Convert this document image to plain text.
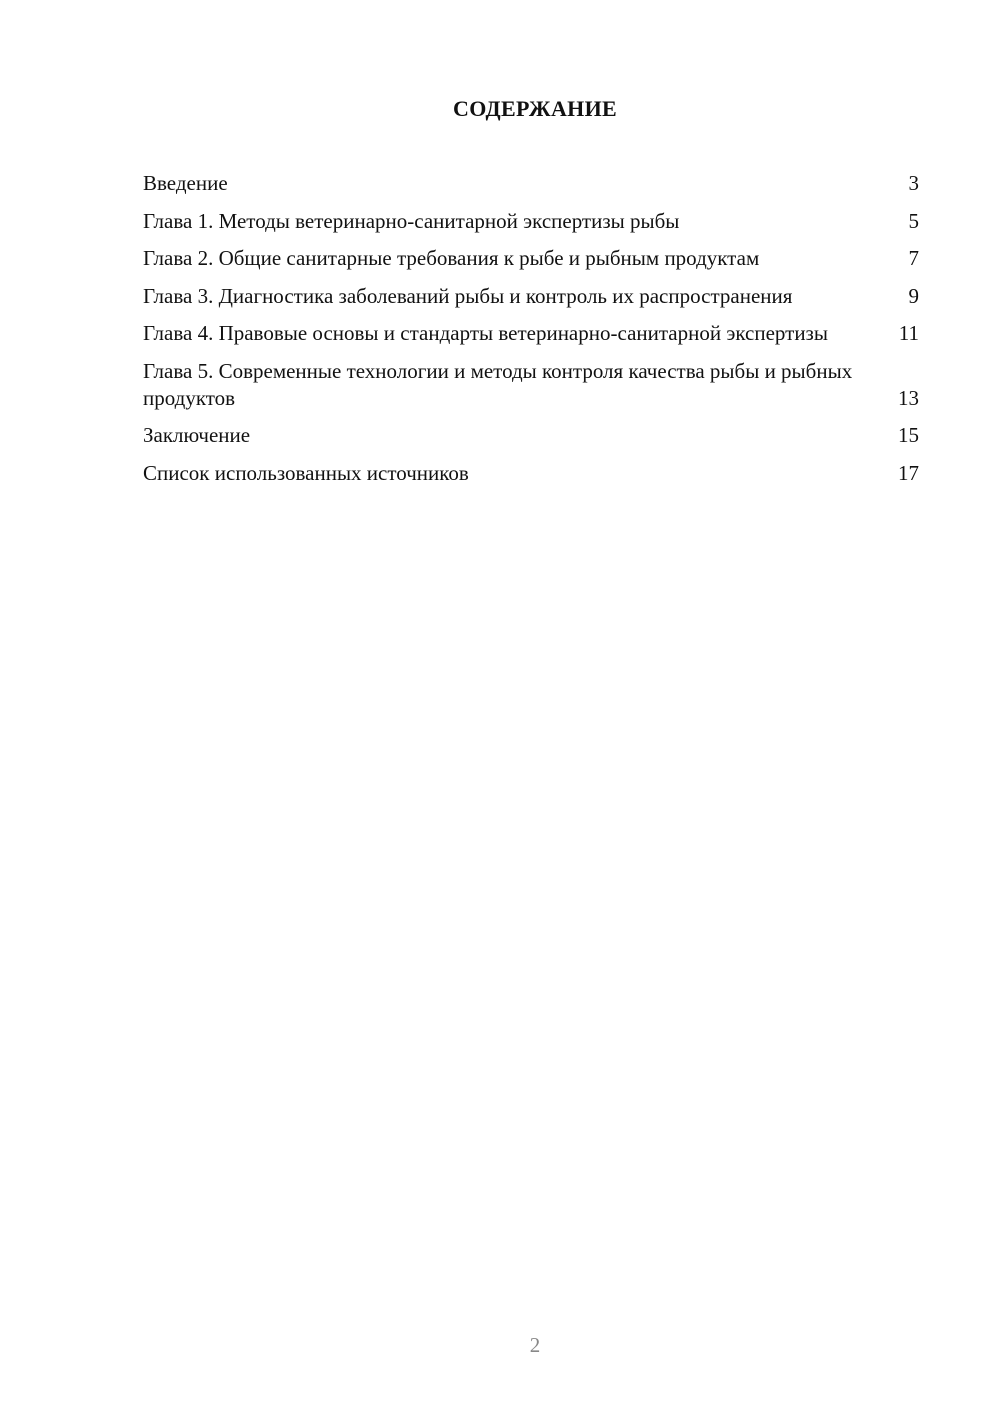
СОДЕРЖАНИЕ
Введение	3
Глава 1. Методы ветеринарно-санитарной экспертизы рыбы	5
Глава 2. Общие санитарные требования к рыбе и рыбным продуктам	7
Глава 3. Диагностика заболеваний рыбы и контроль их распространения	9
Глава 4. Правовые основы и стандарты ветеринарно-санитарной экспертизы	11
Глава 5. Современные технологии и методы контроля качества рыбы и рыбных продуктов	13
Заключение	15
Список использованных источников	17
2
